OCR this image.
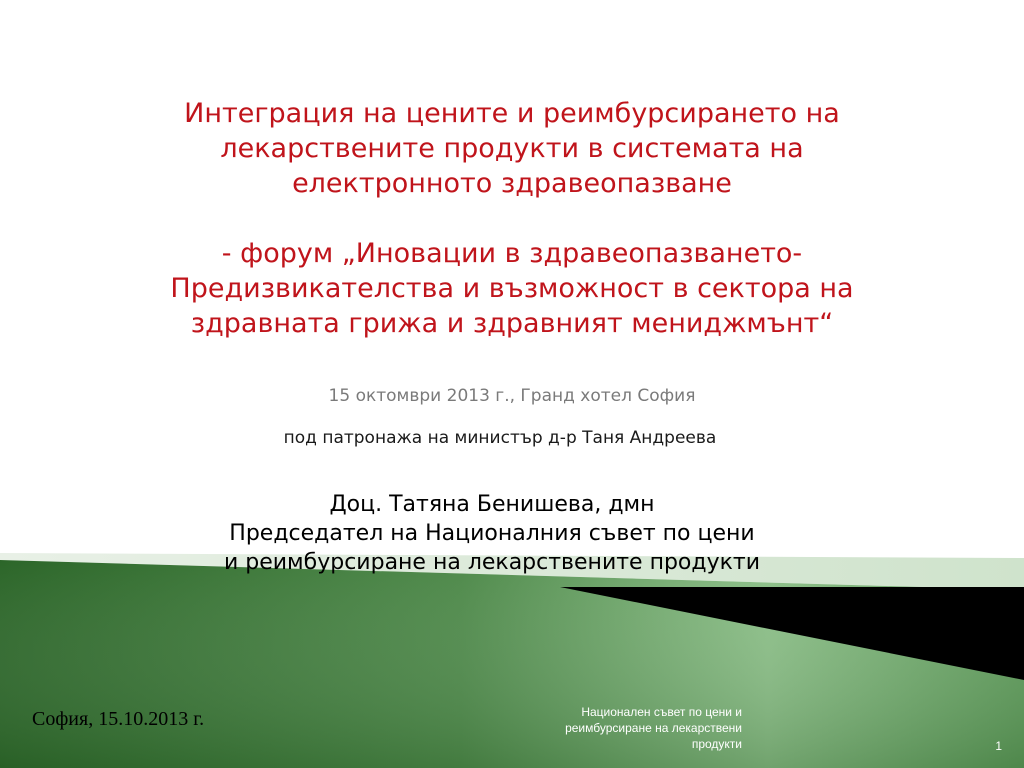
Интеграция на цените и реимбурсирането на
лекарствените продукти в системата на
електронното здравеопазване
- форум „Иновации в здравеопазването-
Предизвикателства и възможност в сектора на
здравната грижа и здравният мениджмънт“
15 октомври 2013 г., Гранд хотел София
под патронажа на министър д-р Таня Андреева
Доц. Татяна Бенишева, дмн
Председател на Националния съвет по цени
и реимбурсиране на лекарствените продукти
София, 15.10.2013 г.	Национален съвет по цени и
реимбурсиране на лекарствени
продукти	1
